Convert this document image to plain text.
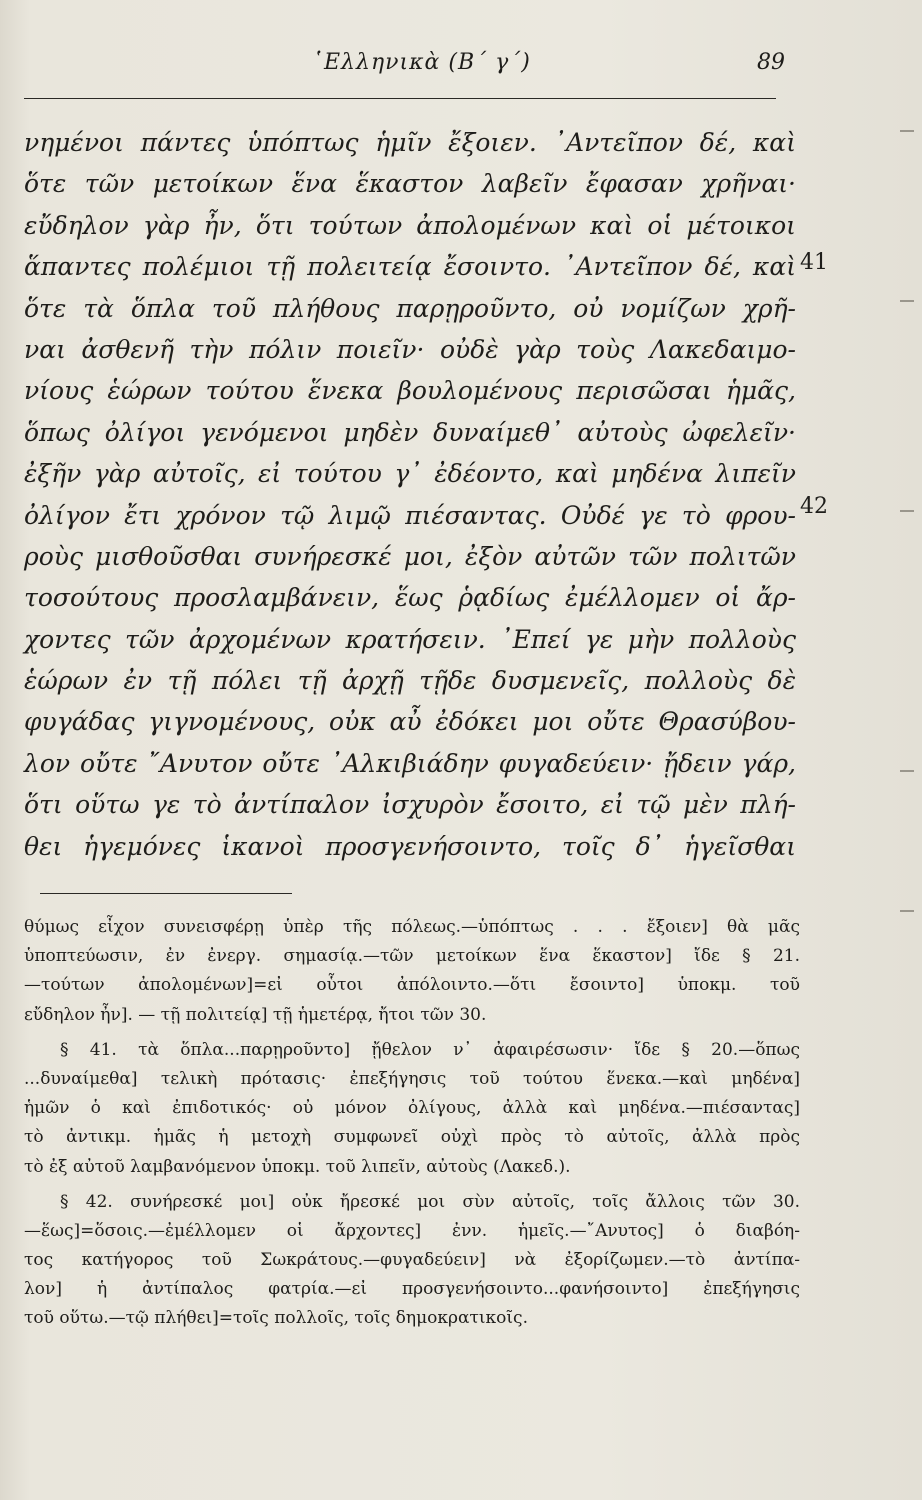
῾Ελληνικὰ (Β΄ γ΄)	89
νημένοι πάντες ὑπόπτως ἡμῖν ἔξοιεν. ᾿Αντεῖπον δέ, καὶ
ὅτε τῶν μετοίκων ἕνα ἕκαστον λαβεῖν ἔφασαν χρῆναι·
εὔδηλον γὰρ ἦν, ὅτι τούτων ἀπολομένων καὶ οἱ μέτοικοι
ἅπαντες πολέμιοι τῇ πολειτείᾳ ἔσοιντο. ᾿Αντεῖπον δέ, καὶ
ὅτε τὰ ὅπλα τοῦ πλήθους παρῃροῦντο, οὐ νομίζων χρῆ-
ναι ἀσθενῆ τὴν πόλιν ποιεῖν· οὐδὲ γὰρ τοὺς Λακεδαιμο-
νίους ἑώρων τούτου ἕνεκα βουλομένους περισῶσαι ἡμᾶς,
ὅπως ὀλίγοι γενόμενοι μηδὲν δυναίμεθ᾿ αὐτοὺς ὠφελεῖν·
ἐξῆν γὰρ αὐτοῖς, εἰ τούτου γ᾿ ἐδέοντο, καὶ μηδένα λιπεῖν
ὀλίγον ἔτι χρόνον τῷ λιμῷ πιέσαντας. Οὐδέ γε τὸ φρου-
ροὺς μισθοῦσθαι συνήρεσκέ μοι, ἐξὸν αὐτῶν τῶν πολιτῶν
τοσούτους προσλαμβάνειν, ἕως ῥᾳδίως ἐμέλλομεν οἱ ἄρ-
χοντες τῶν ἀρχομένων κρατήσειν. ᾿Επεί γε μὴν πολλοὺς
ἑώρων ἐν τῇ πόλει τῇ ἀρχῇ τῇδε δυσμενεῖς, πολλοὺς δὲ
φυγάδας γιγνομένους, οὐκ αὖ ἐδόκει μοι οὔτε Θρασύβου-
λον οὔτε ῎Ανυτον οὔτε ᾿Αλκιβιάδην φυγαδεύειν· ᾔδειν γάρ,
ὅτι οὕτω γε τὸ ἀντίπαλον ἰσχυρὸν ἔσοιτο, εἰ τῷ μὲν πλή-
θει ἡγεμόνες ἱκανοὶ προσγενήσοιντο, τοῖς δ᾿ ἡγεῖσθαι
41
42
θύμως εἶχον συνεισφέρῃ ὑπὲρ τῆς πόλεως.—ὑπόπτως . . . ἔξοιεν] θὰ μᾶς
ὑποπτεύωσιν, ἐν ἐνεργ. σημασίᾳ.—τῶν μετοίκων ἕνα ἕκαστον] ἴδε § 21.
—τούτων ἀπολομένων]=εἰ οὗτοι ἀπόλοιντο.—ὅτι ἔσοιντο] ὑποκμ. τοῦ
εὔδηλον ἦν]. — τῇ πολιτείᾳ] τῇ ἡμετέρᾳ, ἤτοι τῶν 30.
§ 41. τὰ ὅπλα...παρῃροῦντο] ᾔθελον ν᾿ ἀφαιρέσωσιν· ἴδε § 20.—ὅπως
...δυναίμεθα] τελικὴ πρότασις· ἐπεξήγησις τοῦ τούτου ἕνεκα.—καὶ μηδένα]
ἡμῶν ὁ καὶ ἐπιδοτικός· οὐ μόνον ὀλίγους, ἀλλὰ καὶ μηδένα.—πιέσαντας]
τὸ ἀντικμ. ἡμᾶς ἡ μετοχὴ συμφωνεῖ οὐχὶ πρὸς τὸ αὐτοῖς, ἀλλὰ πρὸς
τὸ ἐξ αὐτοῦ λαμβανόμενον ὑποκμ. τοῦ λιπεῖν, αὐτοὺς (Λακεδ.).
§ 42. συνήρεσκέ μοι] οὐκ ἤρεσκέ μοι σὺν αὐτοῖς, τοῖς ἄλλοις τῶν 30.
—ἕως]=ὅσοις.—ἐμέλλομεν οἱ ἄρχοντες] ἐνν. ἡμεῖς.—῎Ανυτος] ὁ διαβόη-
τος κατήγορος τοῦ Σωκράτους.—φυγαδεύειν] νὰ ἐξορίζωμεν.—τὸ ἀντίπα-
λον] ἡ ἀντίπαλος φατρία.—εἰ προσγενήσοιντο...φανήσοιντο] ἐπεξήγησις
τοῦ οὕτω.—τῷ πλήθει]=τοῖς πολλοῖς, τοῖς δημοκρατικοῖς.
